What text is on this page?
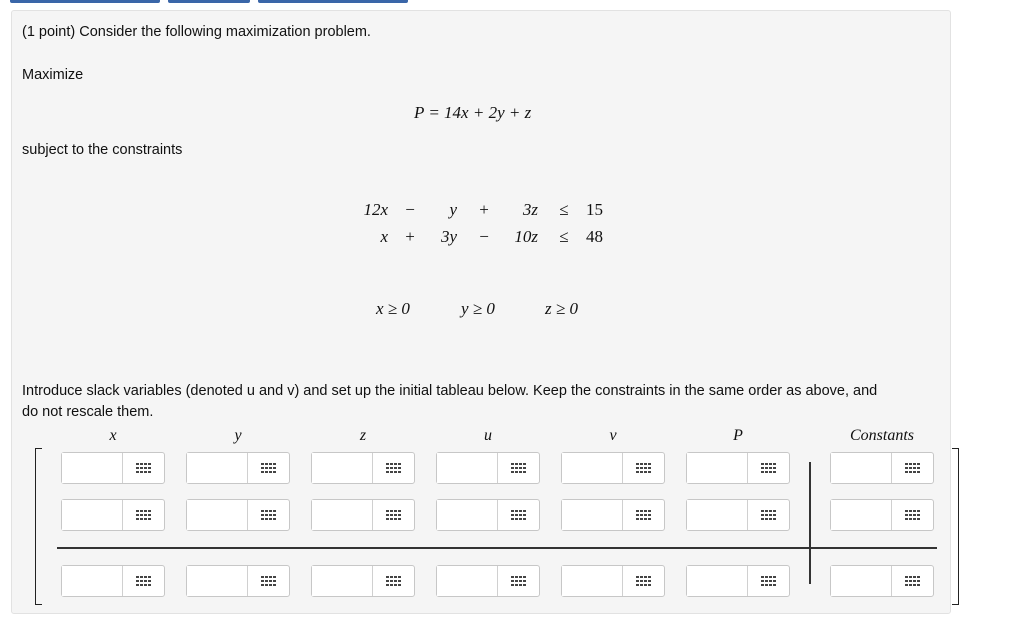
(1 point) Consider the following maximization problem.
Maximize
P = 14x + 2y + z
subject to the constraints
12x	−	y	+	3z	≤	15
x	+	3y	−	10z	≤	48
x ≥ 0	y ≥ 0	z ≥ 0
Introduce slack variables (denoted u and v) and set up the initial tableau below. Keep the constraints in the same order as above, and
do not rescale them.
x	y	z	u	v	P	Constants
